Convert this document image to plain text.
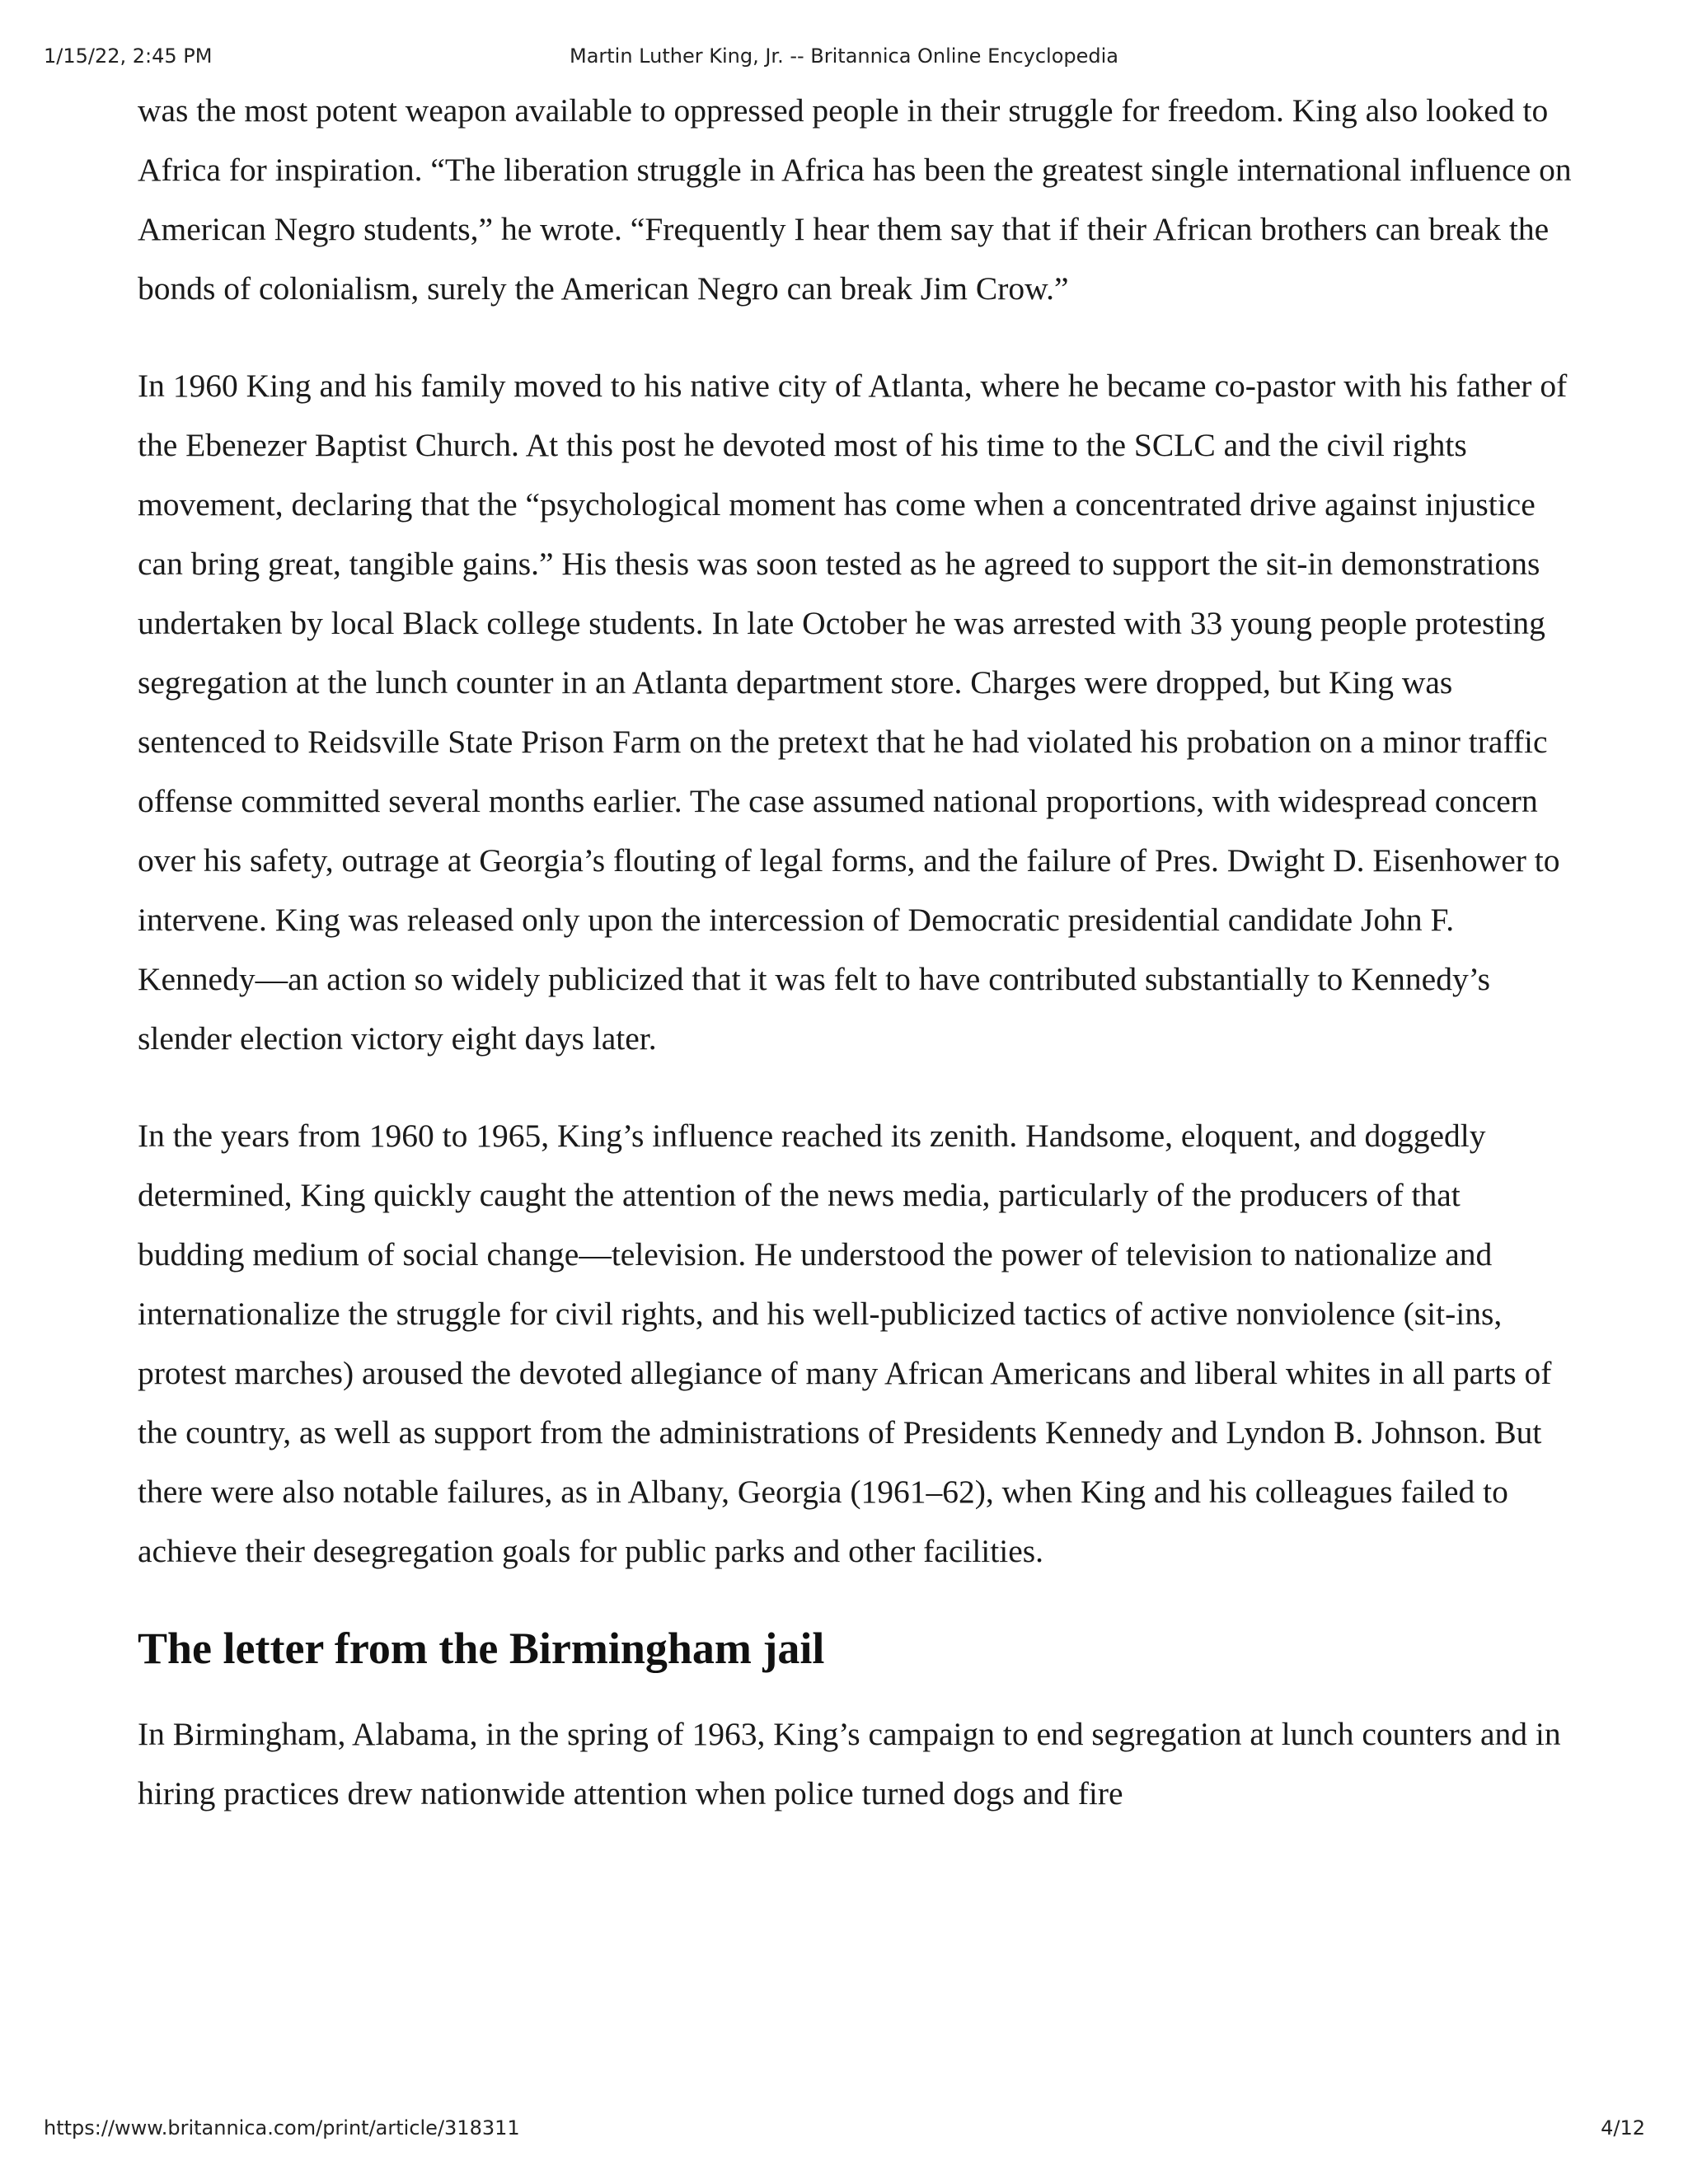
1/15/22, 2:45 PM	Martin Luther King, Jr. -- Britannica Online Encyclopedia

was the most potent weapon available to oppressed people in their struggle for freedom. King also looked to Africa for inspiration. “The liberation struggle in Africa has been the greatest single international influence on American Negro students,” he wrote. “Frequently I hear them say that if their African brothers can break the bonds of colonialism, surely the American Negro can break Jim Crow.”

In 1960 King and his family moved to his native city of Atlanta, where he became co-pastor with his father of the Ebenezer Baptist Church. At this post he devoted most of his time to the SCLC and the civil rights movement, declaring that the “psychological moment has come when a concentrated drive against injustice can bring great, tangible gains.” His thesis was soon tested as he agreed to support the sit-in demonstrations undertaken by local Black college students. In late October he was arrested with 33 young people protesting segregation at the lunch counter in an Atlanta department store. Charges were dropped, but King was sentenced to Reidsville State Prison Farm on the pretext that he had violated his probation on a minor traffic offense committed several months earlier. The case assumed national proportions, with widespread concern over his safety, outrage at Georgia’s flouting of legal forms, and the failure of Pres. Dwight D. Eisenhower to intervene. King was released only upon the intercession of Democratic presidential candidate John F. Kennedy—an action so widely publicized that it was felt to have contributed substantially to Kennedy’s slender election victory eight days later.

In the years from 1960 to 1965, King’s influence reached its zenith. Handsome, eloquent, and doggedly determined, King quickly caught the attention of the news media, particularly of the producers of that budding medium of social change—television. He understood the power of television to nationalize and internationalize the struggle for civil rights, and his well-publicized tactics of active nonviolence (sit-ins, protest marches) aroused the devoted allegiance of many African Americans and liberal whites in all parts of the country, as well as support from the administrations of Presidents Kennedy and Lyndon B. Johnson. But there were also notable failures, as in Albany, Georgia (1961–62), when King and his colleagues failed to achieve their desegregation goals for public parks and other facilities.

The letter from the Birmingham jail

In Birmingham, Alabama, in the spring of 1963, King’s campaign to end segregation at lunch counters and in hiring practices drew nationwide attention when police turned dogs and fire

https://www.britannica.com/print/article/318311	4/12
